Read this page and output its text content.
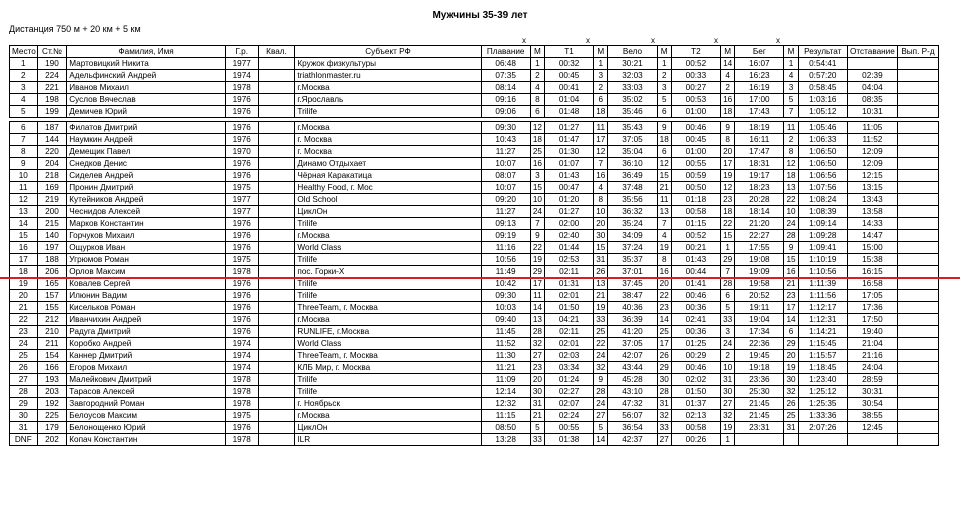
Мужчины 35-39 лет
Дистанция 750 м + 20 км + 5 км
x	x	x	x	x
Место	Ст.№	Фамилия, Имя	Г.р.	Квал.	Субъект РФ	Плавание	М	Т1	М	Вело	М	Т2	М	Бег	М	Результат	Отставание	Вып. Р-д
1	190	Мартовицкий Никита	1977		Кружок физкультуры	06:48	1	00:32	1	30:21	1	00:52	14	16:07	1	0:54:41		
2	224	Адельфинский Андрей	1974		triathlonmaster.ru	07:35	2	00:45	3	32:03	2	00:33	4	16:23	4	0:57:20	02:39	
3	221	Иванов Михаил	1978		г.Москва	08:14	4	00:41	2	33:03	3	00:27	2	16:19	3	0:58:45	04:04	
4	198	Суслов Вячеслав	1976		г.Ярославль	09:16	8	01:04	6	35:02	5	00:53	16	17:00	5	1:03:16	08:35	
5	199	Демичев Юрий	1976		Trilife	09:06	6	01:48	18	35:46	6	01:00	18	17:43	7	1:05:12	10:31	

6	187	Филатов Дмитрий	1976		г.Москва	09:30	12	01:27	11	35:43	9	00:46	9	18:19	11	1:05:46	11:05	
7	144	Наумкин Андрей	1976		г. Москва	10:43	18	01:47	17	37:05	18	00:45	8	16:11	2	1:06:33	11:52	
8	220	Демещик Павел	1970		г. Москва	11:27	25	01:30	12	35:04	6	01:00	20	17:47	8	1:06:50	12:09	
9	204	Снедков Денис	1976		Динамо Отдыхает	10:07	16	01:07	7	36:10	12	00:55	17	18:31	12	1:06:50	12:09	
10	218	Сиделев Андрей	1976		Чёрная Каракатица	08:07	3	01:43	16	36:49	15	00:59	19	19:17	18	1:06:56	12:15	
11	169	Пронин Дмитрий	1975		Healthy Food, г. Мос	10:07	15	00:47	4	37:48	21	00:50	12	18:23	13	1:07:56	13:15	
12	219	Кутейников Андрей	1977		Old School	09:20	10	01:20	8	35:56	11	01:18	23	20:28	22	1:08:24	13:43	
13	200	Чеснидов Алексей	1977		ЦиклОн	11:27	24	01:27	10	36:32	13	00:58	18	18:14	10	1:08:39	13:58	
14	215	Марков Константин	1976		Trilife	09:13	7	02:00	20	35:24	7	01:15	22	21:20	24	1:09:14	14:33	
15	140	Горчуков Михаил	1976		г.Москва	09:19	9	02:40	30	34:09	4	00:52	15	22:27	28	1:09:28	14:47	
16	197	Ощурков Иван	1976		World Class	11:16	22	01:44	15	37:24	19	00:21	1	17:55	9	1:09:41	15:00	
17	188	Угрюмов Роман	1975		Trilife	10:56	19	02:53	31	35:37	8	01:43	29	19:08	15	1:10:19	15:38	
18	206	Орлов Максим	1978		пос. Горки-Х	11:49	29	02:11	26	37:01	16	00:44	7	19:09	16	1:10:56	16:15	
19	165	Ковалев Сергей	1976		Trilife	10:42	17	01:31	13	37:45	20	01:41	28	19:58	21	1:11:39	16:58	
20	157	Илюнин Вадим	1976		Trilife	09:30	11	02:01	21	38:47	22	00:46	6	20:52	23	1:11:56	17:05	
21	155	Кисельков Роман	1976		ThreeTeam, г. Москва	10:03	14	01:50	19	40:36	23	00:36	5	19:11	17	1:12:17	17:36	
22	212	Иванчихин Андрей	1976		г.Москва	09:40	13	04:21	33	36:39	14	02:41	33	19:04	14	1:12:31	17:50	
23	210	Радуга Дмитрий	1976		RUNLIFE, г.Москва	11:45	28	02:11	25	41:20	25	00:36	3	17:34	6	1:14:21	19:40	
24	211	Коробко Андрей	1974		World Class	11:52	32	02:01	22	37:05	17	01:25	24	22:36	29	1:15:45	21:04	
25	154	Каннер Дмитрий	1974		ThreeTeam, г. Москва	11:30	27	02:03	24	42:07	26	00:29	2	19:45	20	1:15:57	21:16	
26	166	Егоров Михаил	1974		КЛБ Мир, г. Москва	11:21	23	03:34	32	43:44	29	00:46	10	19:18	19	1:18:45	24:04	
27	193	Малейкович Дмитрий	1978		Trilife	11:09	20	01:24	9	45:28	30	02:02	31	23:36	30	1:23:40	28:59	
28	203	Тарасов Алексей	1978		Trilife	12:14	30	02:27	28	43:10	28	01:50	30	25:30	32	1:25:12	30:31	
29	192	Завгородний Роман	1978		г. Ноябрьск	12:32	31	02:07	24	47:32	31	01:37	27	21:45	26	1:25:35	30:54	
30	225	Белоусов Максим	1975		г.Москва	11:15	21	02:24	27	56:07	32	02:13	32	21:45	25	1:33:36	38:55	
31	179	Белонощенко Юрий	1976		ЦиклОн	08:50	5	00:55	5	36:54	33	00:58	19	23:31	31	2:07:26	12:45	
DNF	202	Копач Константин	1978		ILR	13:28	33	01:38	14	42:37	27	00:26	1					
